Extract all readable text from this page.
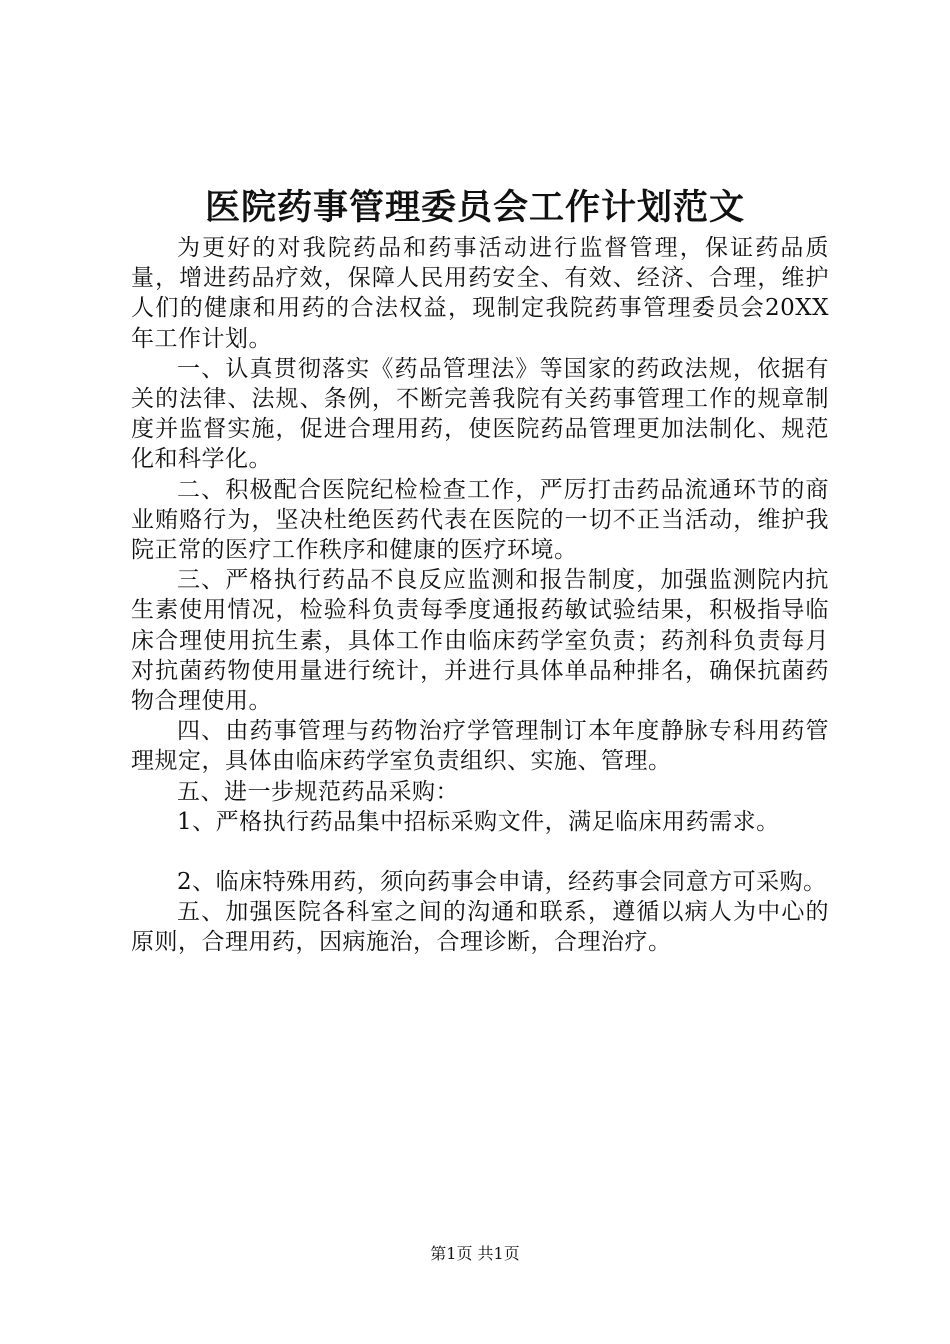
医院药事管理委员会工作计划范文

为更好的对我院药品和药事活动进行监督管理，保证药品质量，增进药品疗效，保障人民用药安全、有效、经济、合理，维护人们的健康和用药的合法权益，现制定我院药事管理委员会20XX年工作计划。

一、认真贯彻落实《药品管理法》等国家的药政法规，依据有关的法律、法规、条例，不断完善我院有关药事管理工作的规章制度并监督实施，促进合理用药，使医院药品管理更加法制化、规范化和科学化。

二、积极配合医院纪检检查工作，严厉打击药品流通环节的商业贿赂行为，坚决杜绝医药代表在医院的一切不正当活动，维护我院正常的医疗工作秩序和健康的医疗环境。

三、严格执行药品不良反应监测和报告制度，加强监测院内抗生素使用情况，检验科负责每季度通报药敏试验结果，积极指导临床合理使用抗生素，具体工作由临床药学室负责；药剂科负责每月对抗菌药物使用量进行统计，并进行具体单品种排名，确保抗菌药物合理使用。

四、由药事管理与药物治疗学管理制订本年度静脉专科用药管理规定，具体由临床药学室负责组织、实施、管理。

五、进一步规范药品采购：

1、严格执行药品集中招标采购文件，满足临床用药需求。

2、临床特殊用药，须向药事会申请，经药事会同意方可采购。

五、加强医院各科室之间的沟通和联系，遵循以病人为中心的原则，合理用药，因病施治，合理诊断，合理治疗。

第1页 共1页
